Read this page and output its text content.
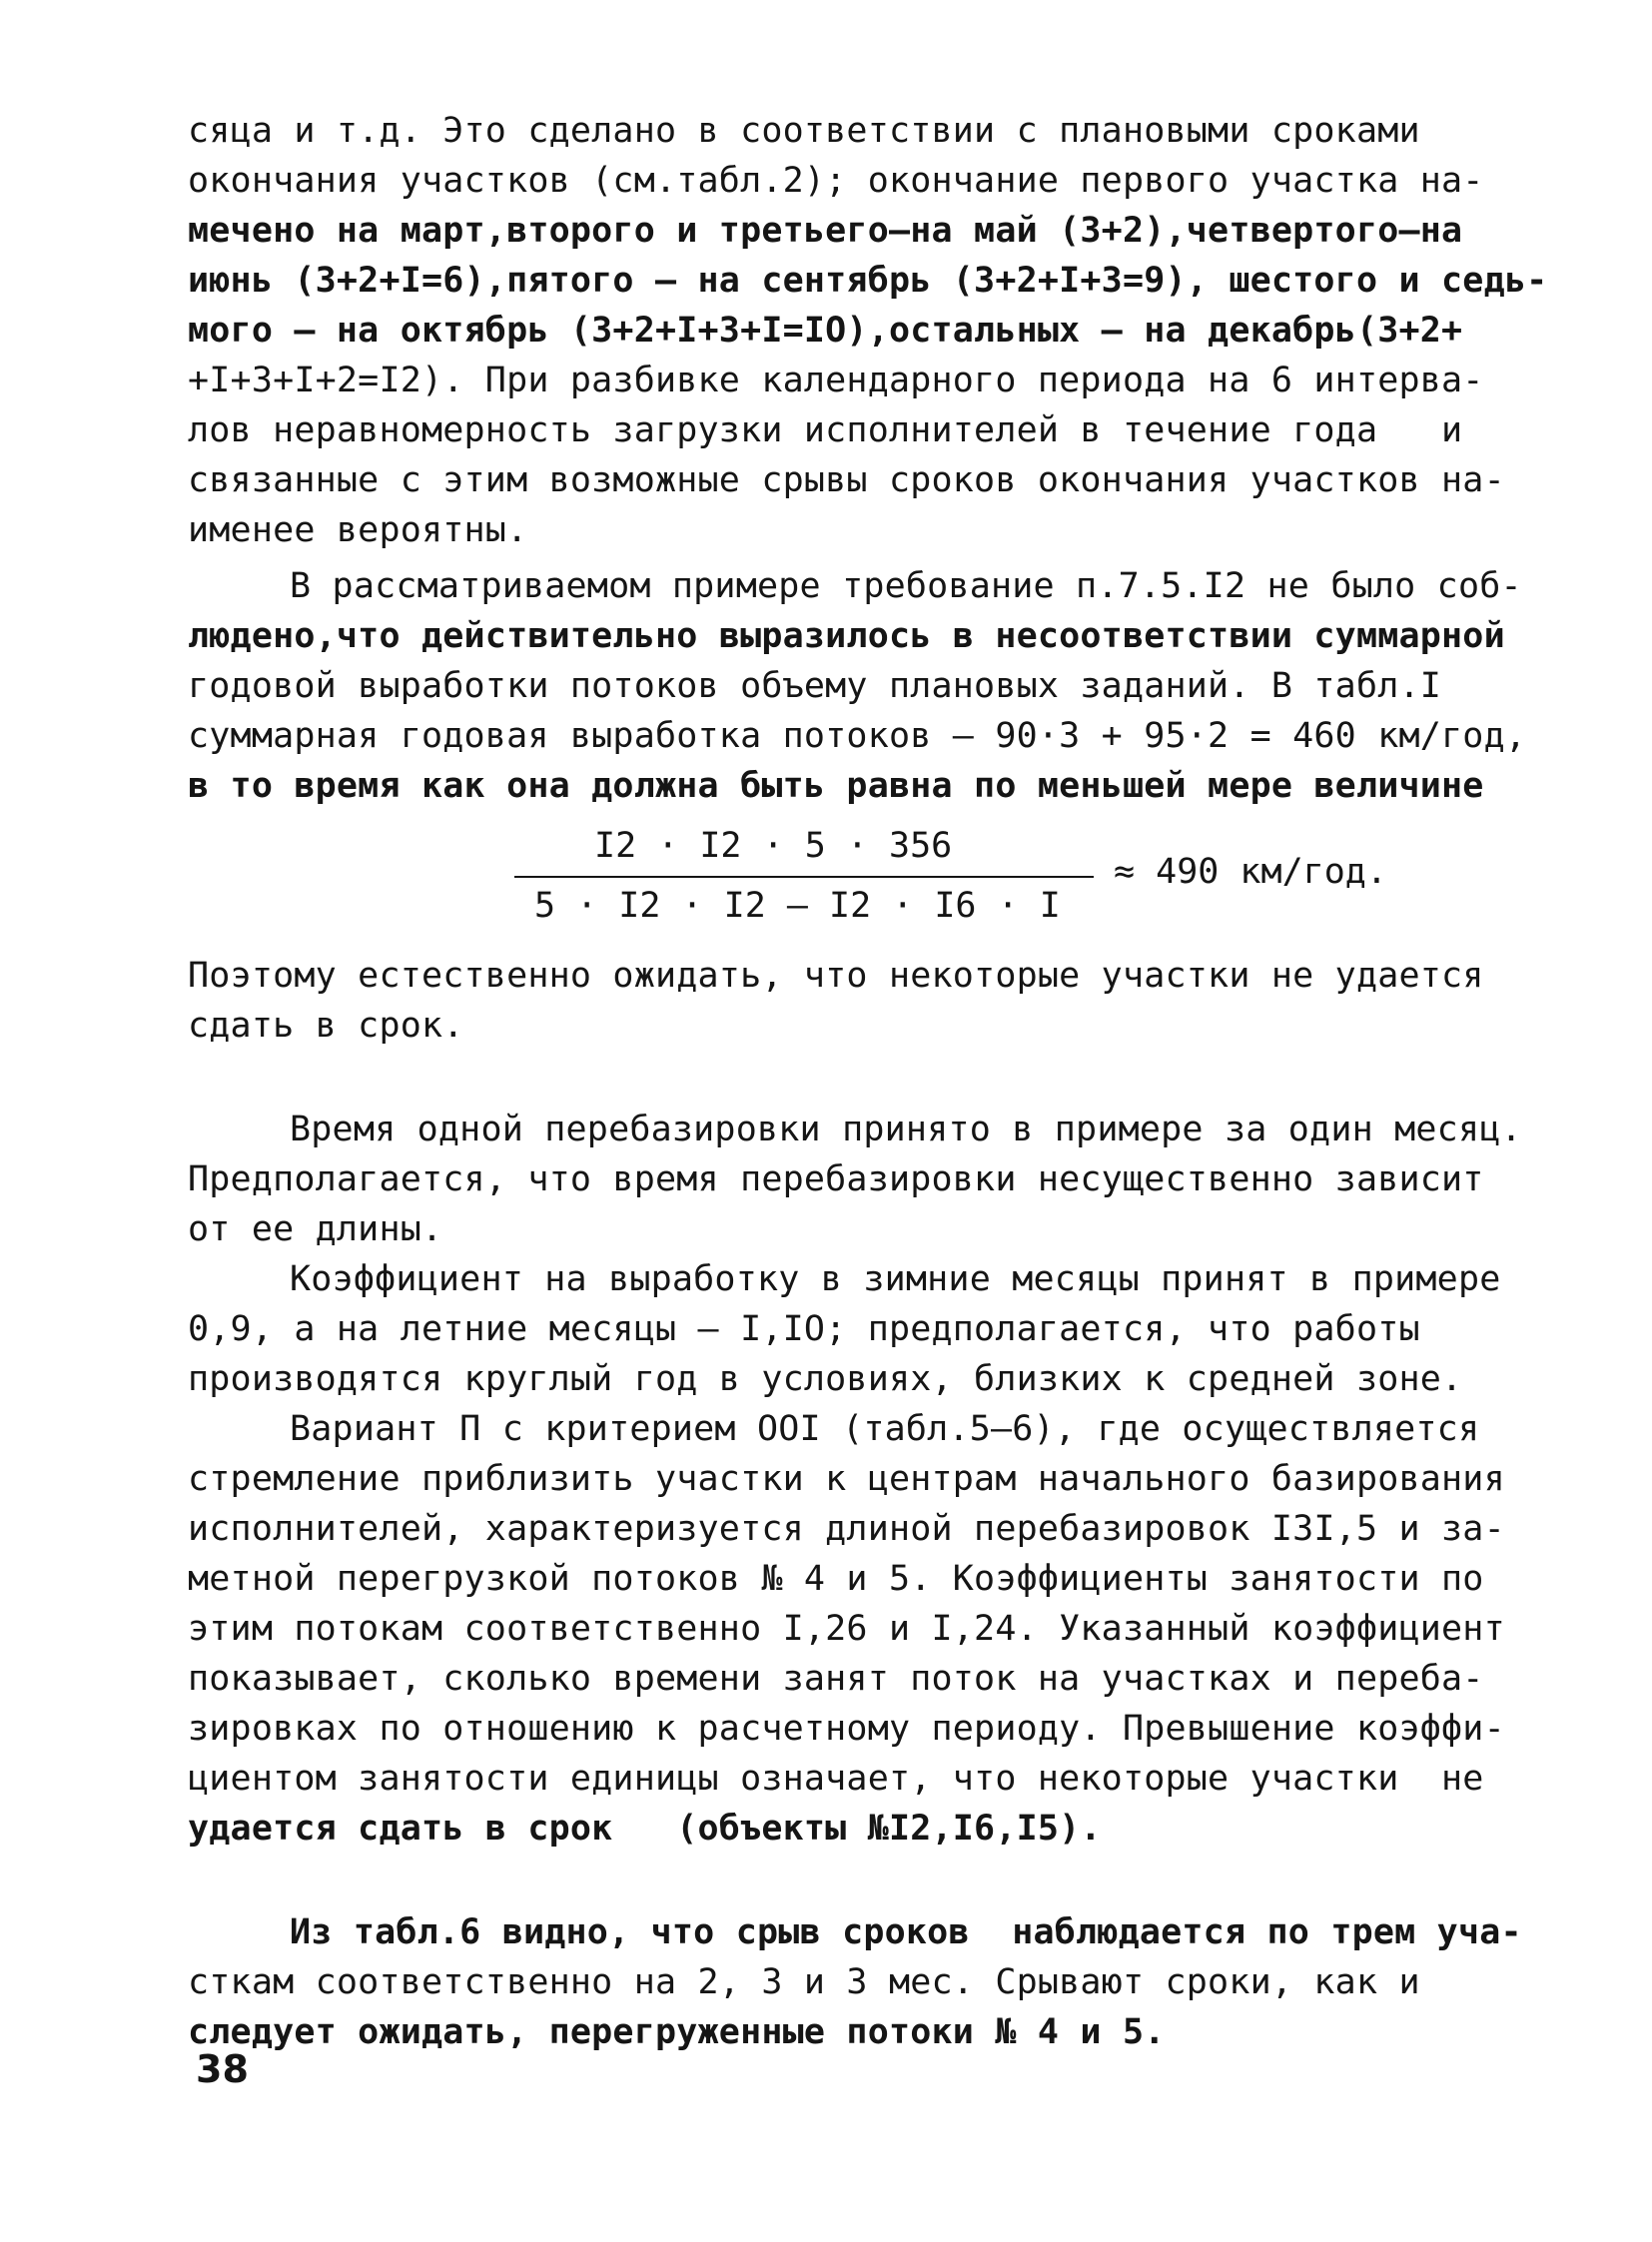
сяца и т.д. Это сделано в соответствии с плановыми сроками
окончания участков (см.табл.2); окончание первого участка на-
мечено на март,второго и третьего–на май (3+2),четвертого–на
июнь (3+2+I=6),пятого – на сентябрь (3+2+I+3=9), шестого и седь-
мого – на октябрь (3+2+I+3+I=IO),остальных – на декабрь(3+2+
+I+3+I+2=I2). При разбивке календарного периода на 6 интерва-
лов неравномерность загрузки исполнителей в течение года   и
связанные с этим возможные срывы сроков окончания участков на-
именее вероятны.
В рассматриваемом примере требование п.7.5.I2 не было соб-
людено,что действительно выразилось в несоответствии суммарной
годовой выработки потоков объему плановых заданий. В табл.I
суммарная годовая выработка потоков – 90·3 + 95·2 = 460 км/год,
в то время как она должна быть равна по меньшей мере величине
I2 · I2 · 5 · 356
5 · I2 · I2 – I2 · I6 · I
≈ 490 км/год.
Поэтому естественно ожидать, что некоторые участки не удается
сдать в срок.
Время одной перебазировки принято в примере за один месяц.
Предполагается, что время перебазировки несущественно зависит
от ее длины.
Коэффициент на выработку в зимние месяцы принят в примере
0,9, а на летние месяцы – I,IO; предполагается, что работы
производятся круглый год в условиях, близких к средней зоне.
Вариант П с критерием OOI (табл.5–6), где осуществляется
стремление приблизить участки к центрам начального базирования
исполнителей, характеризуется длиной перебазировок I3I,5 и за-
метной перегрузкой потоков № 4 и 5. Коэффициенты занятости по
этим потокам соответственно I,26 и I,24. Указанный коэффициент
показывает, сколько времени занят поток на участках и переба-
зировках по отношению к расчетному периоду. Превышение коэффи-
циентом занятости единицы означает, что некоторые участки  не
удается сдать в срок   (объекты №I2,I6,I5).
Из табл.6 видно, что срыв сроков  наблюдается по трем уча-
сткам соответственно на 2, 3 и 3 мес. Срывают сроки, как и
следует ожидать, перегруженные потоки № 4 и 5.
38
